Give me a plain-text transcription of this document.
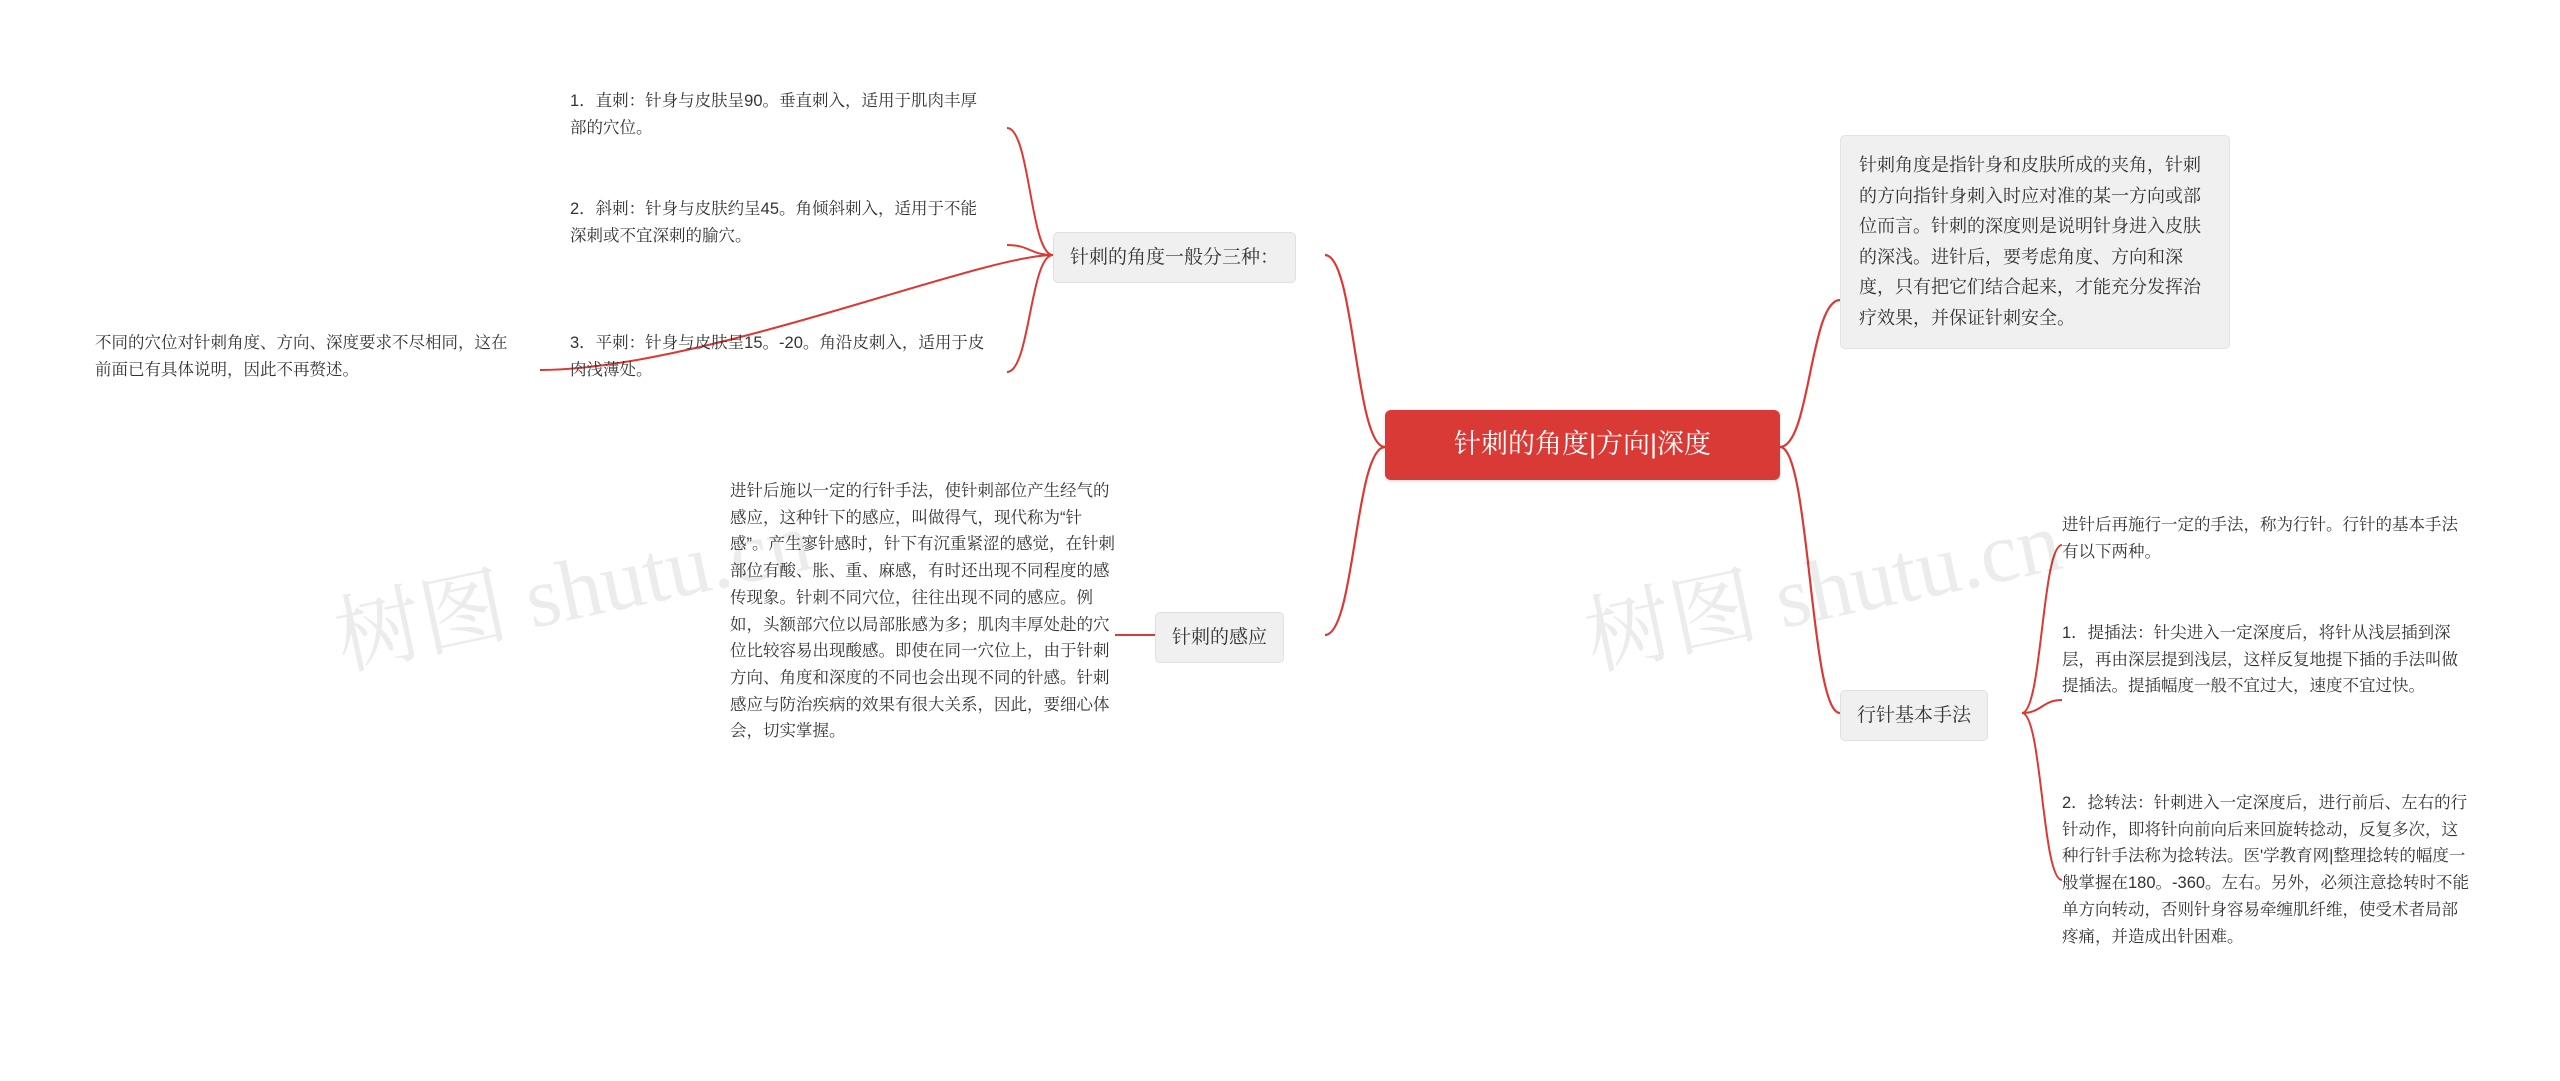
树图 shutu.cn	树图 shutu.cn
针刺的角度|方向|深度
针刺的角度一般分三种：
1．直刺：针身与皮肤呈90。垂直刺入，适用于肌肉丰厚部的穴位。
2．斜刺：针身与皮肤约呈45。角倾斜刺入，适用于不能深刺或不宜深刺的腧穴。
3．平刺：针身与皮肤呈15。-20。角沿皮刺入，适用于皮肉浅薄处。
不同的穴位对针刺角度、方向、深度要求不尽相同，这在前面已有具体说明，因此不再赘述。
针刺的感应
进针后施以一定的行针手法，使针刺部位产生经气的感应，这种针下的感应，叫做得气，现代称为“针感”。产生寥针感时，针下有沉重紧涩的感觉，在针刺部位有酸、胀、重、麻感，有时还出现不同程度的感传现象。针刺不同穴位，往往出现不同的感应。例如，头额部穴位以局部胀感为多；肌肉丰厚处赴的穴位比较容易出现酸感。即使在同一穴位上，由于针刺方向、角度和深度的不同也会出现不同的针感。针刺感应与防治疾病的效果有很大关系，因此，要细心体会，切实掌握。
针刺角度是指针身和皮肤所成的夹角，针刺的方向指针身刺入时应对准的某一方向或部位而言。针刺的深度则是说明针身进入皮肤的深浅。进针后，要考虑角度、方向和深度，只有把它们结合起来，才能充分发挥治疗效果，并保证针刺安全。
行针基本手法
进针后再施行一定的手法，称为行针。行针的基本手法有以下两种。
1．提插法：针尖进入一定深度后，将针从浅层插到深层，再由深层提到浅层，这样反复地提下插的手法叫做提插法。提插幅度一般不宜过大，速度不宜过快。
2．捻转法：针刺进入一定深度后，进行前后、左右的行针动作，即将针向前向后来回旋转捻动，反复多次，这种行针手法称为捻转法。医'学教育网|整理捻转的幅度一般掌握在180。-360。左右。另外，必须注意捻转时不能单方向转动，否则针身容易牵缠肌纤维，使受术者局部疼痛，并造成出针困难。
